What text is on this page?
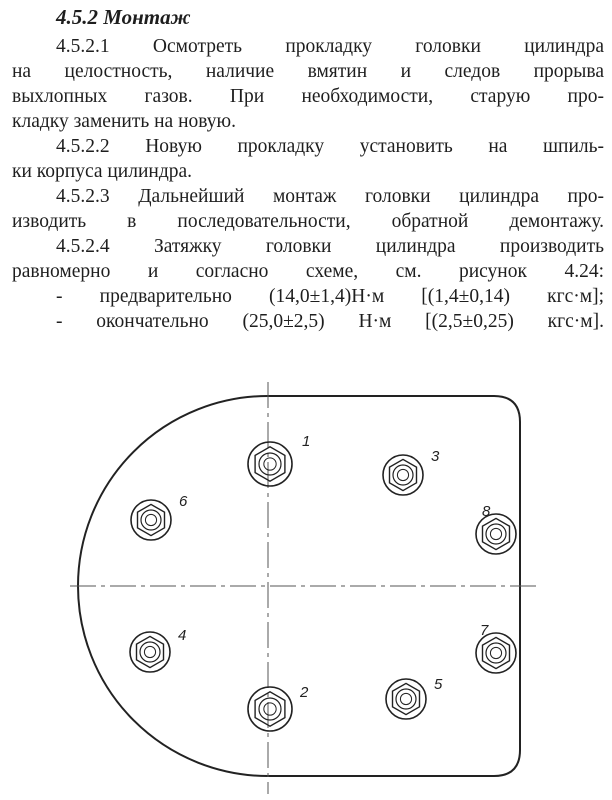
4.5.2 Монтаж

4.5.2.1 Осмотреть прокладку головки цилиндра

на целостность, наличие вмятин и следов прорыва

выхлопных газов. При необходимости, старую про-

кладку заменить на новую.

4.5.2.2 Новую прокладку установить на шпиль-

ки корпуса цилиндра.

4.5.2.3 Дальнейший монтаж головки цилиндра про-

изводить в последовательности, обратной демонтажу.

4.5.2.4 Затяжку головки цилиндра производить

равномерно и согласно схеме, см. рисунок 4.24:

- предварительно (14,0±1,4)Н·м [(1,4±0,14) кгс·м];

- окончательно (25,0±2,5) Н·м [(2,5±0,25) кгс·м].

1
2
3
4
5
6
7
8
